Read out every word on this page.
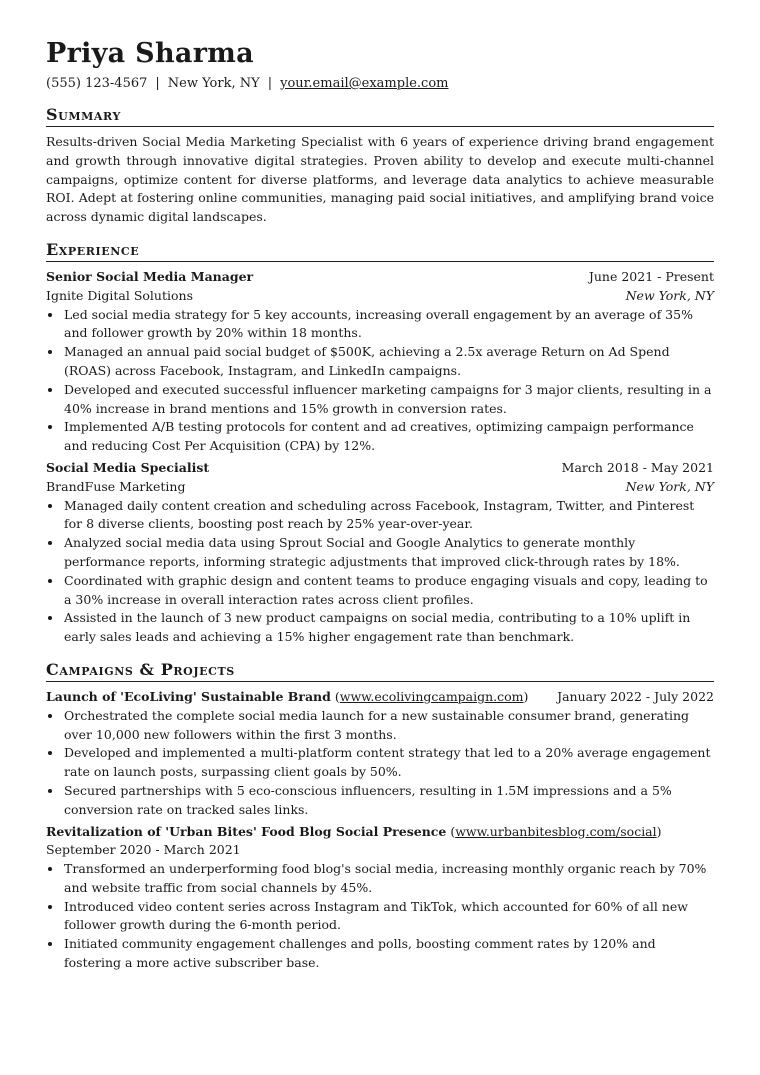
Priya Sharma
(555) 123-4567 | New York, NY | your.email@example.com
Summary

Results-driven Social Media Marketing Specialist with 6 years of experience driving brand engagement and growth through innovative digital strategies. Proven ability to develop and execute multi-channel campaigns, optimize content for diverse platforms, and leverage data analytics to achieve measurable ROI. Adept at fostering online communities, managing paid social initiatives, and amplifying brand voice across dynamic digital landscapes.

Experience
Senior Social Media Manager	June 2021 - Present
Ignite Digital Solutions	New York, NY
• Led social media strategy for 5 key accounts, increasing overall engagement by an average of 35% and follower growth by 20% within 18 months.
• Managed an annual paid social budget of $500K, achieving a 2.5x average Return on Ad Spend (ROAS) across Facebook, Instagram, and LinkedIn campaigns.
• Developed and executed successful influencer marketing campaigns for 3 major clients, resulting in a 40% increase in brand mentions and 15% growth in conversion rates.
• Implemented A/B testing protocols for content and ad creatives, optimizing campaign performance and reducing Cost Per Acquisition (CPA) by 12%.
Social Media Specialist	March 2018 - May 2021
BrandFuse Marketing	New York, NY
• Managed daily content creation and scheduling across Facebook, Instagram, Twitter, and Pinterest for 8 diverse clients, boosting post reach by 25% year-over-year.
• Analyzed social media data using Sprout Social and Google Analytics to generate monthly performance reports, informing strategic adjustments that improved click-through rates by 18%.
• Coordinated with graphic design and content teams to produce engaging visuals and copy, leading to a 30% increase in overall interaction rates across client profiles.
• Assisted in the launch of 3 new product campaigns on social media, contributing to a 10% uplift in early sales leads and achieving a 15% higher engagement rate than benchmark.
Campaigns & Projects
January 2022 - July 2022
Launch of 'EcoLiving' Sustainable Brand (www.ecolivingcampaign.com)
• Orchestrated the complete social media launch for a new sustainable consumer brand, generating over 10,000 new followers within the first 3 months.
• Developed and implemented a multi-platform content strategy that led to a 20% average engagement rate on launch posts, surpassing client goals by 50%.
• Secured partnerships with 5 eco-conscious influencers, resulting in 1.5M impressions and a 5% conversion rate on tracked sales links.
Revitalization of 'Urban Bites' Food Blog Social Presence (www.urbanbitesblog.com/social) September 2020 - March 2021
• Transformed an underperforming food blog's social media, increasing monthly organic reach by 70% and website traffic from social channels by 45%.
• Introduced video content series across Instagram and TikTok, which accounted for 60% of all new follower growth during the 6-month period.
• Initiated community engagement challenges and polls, boosting comment rates by 120% and fostering a more active subscriber base.
